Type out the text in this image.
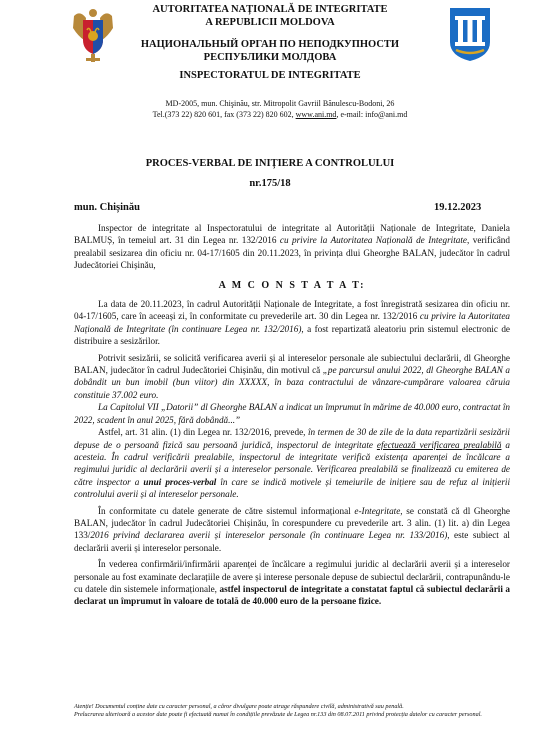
AUTORITATEA NAȚIONALĂ DE INTEGRITATE
A REPUBLICII MOLDOVA
НАЦИОНАЛЬНЫЙ ОРГАН ПО НЕПОДКУПНОСТИ
РЕСПУБЛИКИ МОЛДОВА
INSPECTORATUL DE INTEGRITATE
MD-2005, mun. Chişinău, str. Mitropolit Gavriil Bănulescu-Bodoni, 26
Tel.(373 22) 820 601, fax (373 22) 820 602, www.ani.md, e-mail: info@ani.md
PROCES-VERBAL DE INIȚIERE A CONTROLULUI
nr.175/18
mun. Chișinău	19.12.2023

Inspector de integritate al Inspectoratului de integritate al Autorității Naționale de Integritate, Daniela BALMUȘ, în temeiul art. 31 din Legea nr. 132/2016 cu privire la Autoritatea Națională de Integritate, verificând prealabil sesizarea din oficiu nr. 04-17/1605 din 20.11.2023, în privința dlui Gheorghe BALAN, judecător în cadrul Judecătoriei Chișinău,

A M C O N S T A T A T:

La data de 20.11.2023, în cadrul Autorității Naționale de Integritate, a fost înregistrată sesizarea din oficiu nr. 04-17/1605, care în aceeași zi, în conformitate cu prevederile art. 30 din Legea nr. 132/2016 cu privire la Autoritatea Națională de Integritate (în continuare Legea nr. 132/2016), a fost repartizată aleatoriu prin sistemul electronic de distribuire a sesizărilor.

Potrivit sesizării, se solicită verificarea averii și al intereselor personale ale subiectului declarării, dl Gheorghe BALAN, judecător în cadrul Judecătoriei Chișinău, din motivul că „pe parcursul anului 2022, dl Gheorghe BALAN a dobândit un bun imobil (bun viitor) din XXXXX, în baza contractului de vânzare-cumpărare valoarea căruia constituie 37.002 euro.

La Capitolul VII „Datorii” dl Gheorghe BALAN a indicat un împrumut în mărime de 40.000 euro, contractat în 2022, scadent în anul 2025, fără dobândă...”

Astfel, art. 31 alin. (1) din Legea nr. 132/2016, prevede, în termen de 30 de zile de la data repartizării sesizării depuse de o persoană fizică sau persoană juridică, inspectorul de integritate efectuează verificarea prealabilă a acesteia. În cadrul verificării prealabile, inspectorul de integritate verifică existența aparenței de încălcare a regimului juridic al declarării averii și a intereselor personale. Verificarea prealabilă se finalizează cu emiterea de către inspector a unui proces-verbal în care se indică motivele și temeiurile de inițiere sau de refuz al inițierii controlului averii și al intereselor personale.

În conformitate cu datele generate de către sistemul informațional e-Integritate, se constată că dl Gheorghe BALAN, judecător în cadrul Judecătoriei Chișinău, în corespundere cu prevederile art. 3 alin. (1) lit. a) din Legea 133/2016 privind declararea averii și intereselor personale (în continuare Legea nr. 133/2016), este subiect al declarării averii și intereselor personale.

În vederea confirmării/infirmării aparenței de încălcare a regimului juridic al declarării averii și a intereselor personale au fost examinate declarațiile de avere și interese personale depuse de subiectul declarării, contrapunându-le cu datele din sistemele informaționale, astfel inspectorul de integritate a constatat faptul că subiectul declarării a declarat un împrumut în valoare de totală de 40.000 euro de la persoane fizice.

Atenție! Documentul conține date cu caracter personal, a căror divulgare poate atrage răspundere civilă, administrativă sau penală.
Prelucrarea ulterioară a acestor date poate fi efectuată numai în condițiile prevăzute de Legea nr.133 din 08.07.2011 privind protecția datelor cu caracter personal.
